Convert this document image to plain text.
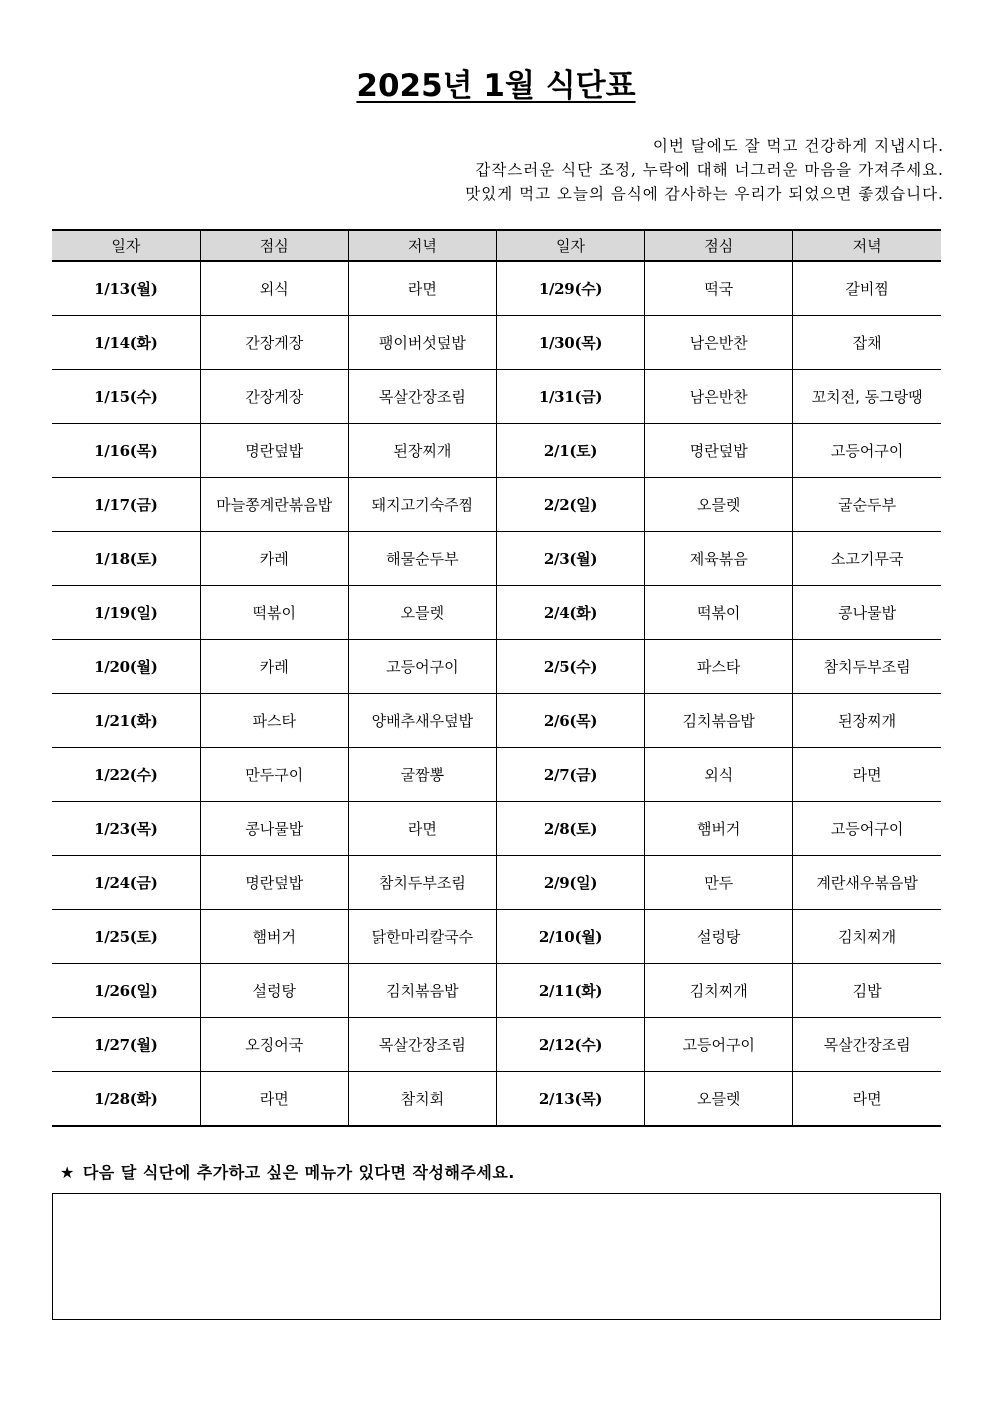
2025년 1월 식단표
이번 달에도 잘 먹고 건강하게 지냅시다.
갑작스러운 식단 조정, 누락에 대해 너그러운 마음을 가져주세요.
맛있게 먹고 오늘의 음식에 감사하는 우리가 되었으면 좋겠습니다.
일자	점심	저녁	일자	점심	저녁
1/13(월)	외식	라면	1/29(수)	떡국	갈비찜
1/14(화)	간장게장	팽이버섯덮밥	1/30(목)	남은반찬	잡채
1/15(수)	간장게장	목살간장조림	1/31(금)	남은반찬	꼬치전, 동그랑땡
1/16(목)	명란덮밥	된장찌개	2/1(토)	명란덮밥	고등어구이
1/17(금)	마늘쫑계란볶음밥	돼지고기숙주찜	2/2(일)	오믈렛	굴순두부
1/18(토)	카레	해물순두부	2/3(월)	제육볶음	소고기무국
1/19(일)	떡볶이	오믈렛	2/4(화)	떡볶이	콩나물밥
1/20(월)	카레	고등어구이	2/5(수)	파스타	참치두부조림
1/21(화)	파스타	양배추새우덮밥	2/6(목)	김치볶음밥	된장찌개
1/22(수)	만두구이	굴짬뽕	2/7(금)	외식	라면
1/23(목)	콩나물밥	라면	2/8(토)	햄버거	고등어구이
1/24(금)	명란덮밥	참치두부조림	2/9(일)	만두	계란새우볶음밥
1/25(토)	햄버거	닭한마리칼국수	2/10(월)	설렁탕	김치찌개
1/26(일)	설렁탕	김치볶음밥	2/11(화)	김치찌개	김밥
1/27(월)	오징어국	목살간장조림	2/12(수)	고등어구이	목살간장조림
1/28(화)	라면	참치회	2/13(목)	오믈렛	라면
★ 다음 달 식단에 추가하고 싶은 메뉴가 있다면 작성해주세요.
